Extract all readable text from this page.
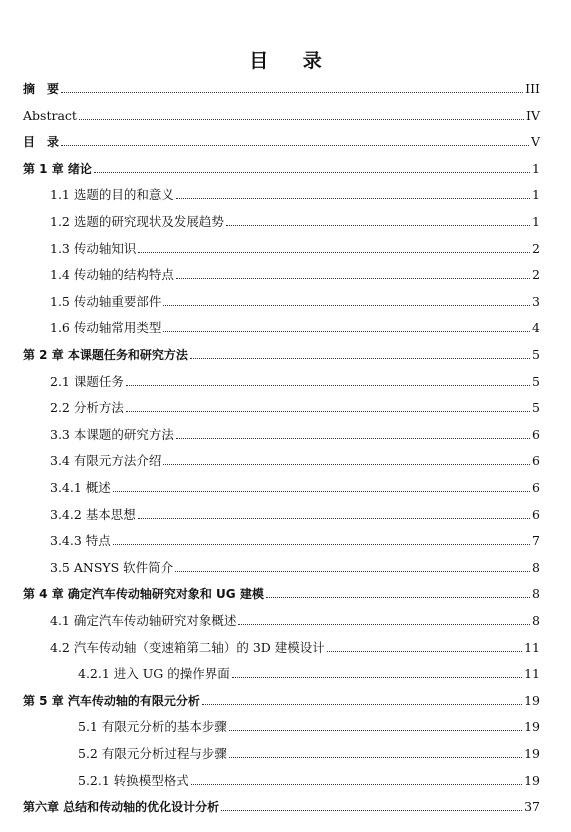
目 录
摘　要	III
Abstract	IV
目　录	V
第 1 章 绪论	1
1.1 选题的目的和意义	1
1.2 选题的研究现状及发展趋势	1
1.3 传动轴知识	2
1.4 传动轴的结构特点	2
1.5 传动轴重要部件	3
1.6 传动轴常用类型	4
第 2 章 本课题任务和研究方法	5
2.1 课题任务	5
2.2 分析方法	5
3.3 本课题的研究方法	6
3.4 有限元方法介绍	6
3.4.1 概述	6
3.4.2 基本思想	6
3.4.3 特点	7
3.5 ANSYS 软件简介	8
第 4 章 确定汽车传动轴研究对象和 UG 建模	8
4.1 确定汽车传动轴研究对象概述	8
4.2 汽车传动轴（变速箱第二轴）的 3D 建模设计	11
4.2.1 进入 UG 的操作界面	11
第 5 章 汽车传动轴的有限元分析	19
5.1 有限元分析的基本步骤	19
5.2 有限元分析过程与步骤	19
5.2.1 转换模型格式	19
第六章 总结和传动轴的优化设计分析	37
